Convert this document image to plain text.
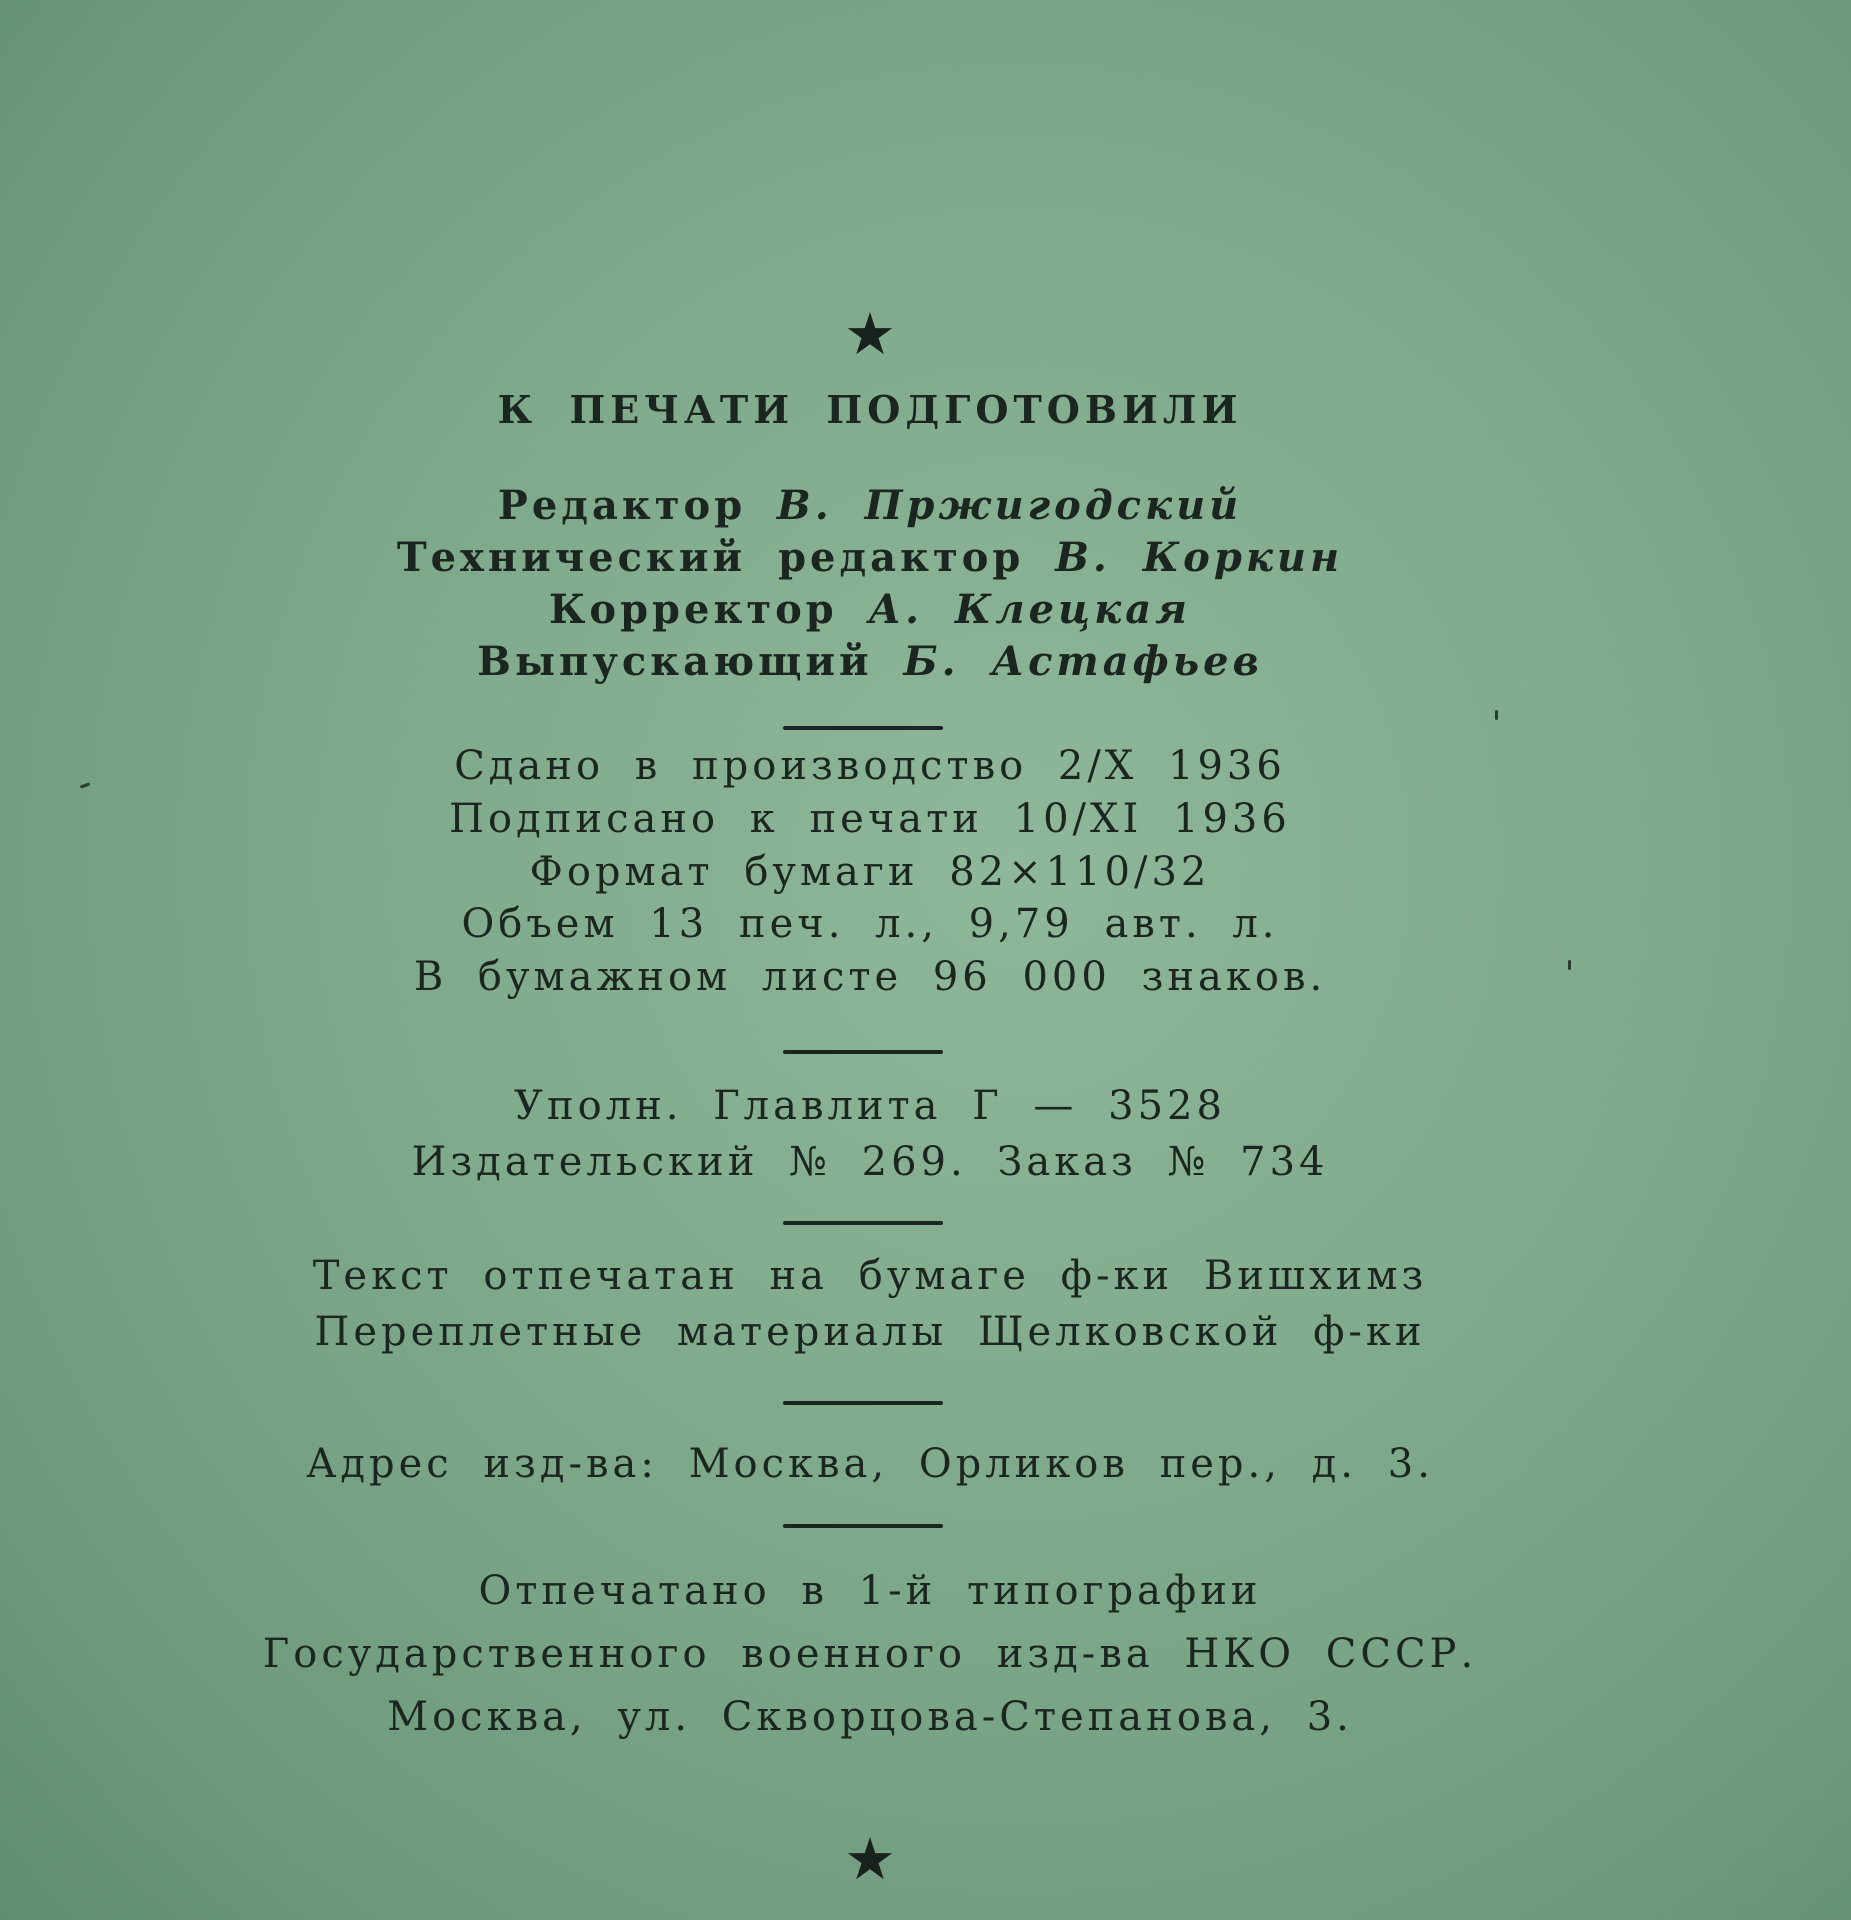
★
К ПЕЧАТИ ПОДГОТОВИЛИ
Редактор В. Пржигодский
Технический редактор В. Коркин
Корректор А. Клецкая
Выпускающий Б. Астафьев
Сдано в производство 2/X 1936
Подписано к печати 10/XI 1936
Формат бумаги 82×110/32
Объем 13 печ. л., 9,79 авт. л.
В бумажном листе 96 000 знаков.
Уполн. Главлита Г — 3528
Издательский № 269. Заказ № 734
Текст отпечатан на бумаге ф-ки Вишхимз
Переплетные материалы Щелковской ф-ки
Адрес изд-ва: Москва, Орликов пер., д. 3.
Отпечатано в 1-й типографии
Государственного военного изд-ва НКО СССР.
Москва, ул. Скворцова-Степанова, 3.
★
